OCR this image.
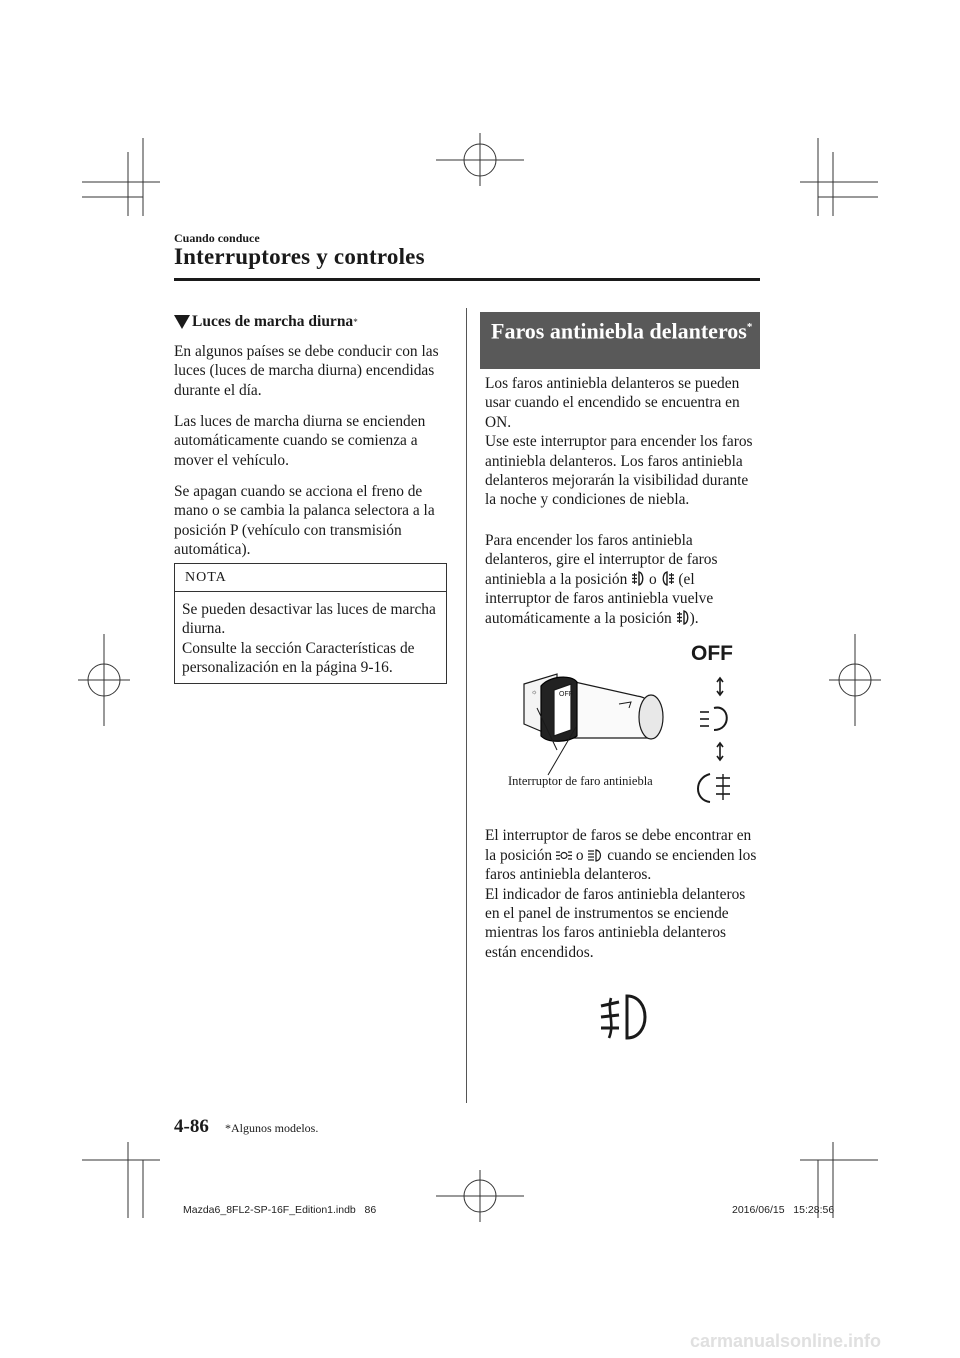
Cuando conduce
Interruptores y controles
Luces de marcha diurna *
En algunos países se debe conducir con las luces (luces de marcha diurna) encendidas durante el día.
Las luces de marcha diurna se encienden automáticamente cuando se comienza a mover el vehículo.
Se apagan cuando se acciona el freno de mano o se cambia la palanca selectora a la posición P (vehículo con transmisión automática).
NOTA
Se pueden desactivar las luces de marcha diurna.
Consulte la sección Características de personalización en la página 9-16.
Faros antiniebla delanteros*
Los faros antiniebla delanteros se pueden usar cuando el encendido se encuentra en ON.
Use este interruptor para encender los faros antiniebla delanteros. Los faros antiniebla delanteros mejorarán la visibilidad durante la noche y condiciones de niebla.
Para encender los faros antiniebla delanteros, gire el interruptor de faros antiniebla a la posición  o  (el interruptor de faros antiniebla vuelve automáticamente a la posición ).
☼	OFF
Interruptor de faro antiniebla
OFF

El interruptor de faros se debe encontrar en la posición  o  cuando se encienden los faros antiniebla delanteros.
El indicador de faros antiniebla delanteros en el panel de instrumentos se enciende mientras los faros antiniebla delanteros están encendidos.

4-86 *Algunos modelos.
Mazda6_8FL2-SP-16F_Edition1.indb   86	2016/06/15   15:28:56
carmanualsonline.info
